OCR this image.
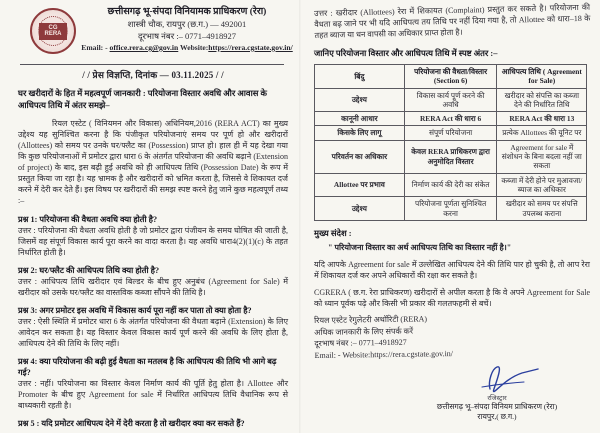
CG RERA
छत्तीसगढ़ भू-संपदा विनियामक प्राधिकरण (रेरा)
शास्त्री चौक, रायपुर (छ.ग.) — 492001
दूरभाष नंबर :– 0771–4918927
Email: - office.rera.cg@gov.in Website:https://rera.cgstate.gov.in/
/ / प्रेस विज्ञप्ति, दिनांक — 03.11.2025 / /
घर खरीदारों के हित में महत्वपूर्ण जानकारी : परियोजना विस्तार अवधि और आवास के आधिपत्य तिथि में अंतर समझे–
रियल एस्टेट ( विनियमन और विकास) अधिनियम,2016 (RERA ACT) का मुख्य उद्देश्य यह सुनिश्चित करना है कि पंजीकृत परियोजनाएं समय पर पूर्ण हो और खरीदारों (Allottees) को समय पर उनके घर/फ्लैट का (Possession) प्राप्त हो। हाल ही में यह देखा गया कि कुछ परियोजनाओं में प्रमोटर द्वारा धारा 6 के अंतर्गत परियोजना की अवधि बढ़ाने (Extension of project) के बाद, इस बढ़ी हुई अवधि को ही आधिपत्य तिथि (Possession Date) के रूप में प्रस्तुत किया जा रहा है। यह भ्रामक है और खरीदारों को भ्रमित करता है, जिससे वे शिकायत दर्ज करने में देरी कर देते हैं। इस विषय पर खरीदारों की समझ स्पष्ट करने हेतु जाने कुछ महत्वपूर्ण तथ्य :–
प्रश्न 1: परियोजना की वैधता अवधि क्या होती है?
उत्तर : परियोजना की वैधता अवधि होती है जो प्रमोटर द्वारा पंजीयन के समय घोषित की जाती है, जिसमें वह संपूर्ण विकास कार्य पूरा करने का वादा करता है। यह अवधि धारा4(2)(1)(c) के तहत निर्धारित होती है।
प्रश्न 2: घर/फ्लैट की आधिपत्य तिथि क्या होती है?
उत्तर : आधिपत्य तिथि खरीदार एवं बिल्डर के बीच हुए अनुबंध (Agreement for Sale) में खरीदार को उसके घर/फ्लैट का वास्तविक कब्जा सौंपने की तिथि है।
प्रश्न 3: अगर प्रमोटर इस अवधि में विकास कार्य पूरा नहीं कर पाता तो क्या होता है?
उत्तर : ऐसी स्थिति में प्रमोटर धारा 6 के अंतर्गत परियोजना की वैधता बढ़ाने (Extension) के लिए आवेदन कर सकता है। यह विस्तार केवल विकास कार्य पूर्ण करने की अवधि के लिए होता है, आधिपत्य देने की तिथि के लिए नहीं।
प्रश्न 4: क्या परियोजना की बढ़ी हुई वैधता का मतलब है कि आधिपत्य की तिथि भी आगे बढ़ गई?
उत्तर : नहीं। परियोजना का विस्तार केवल निर्माण कार्य की पूर्ति हेतु होता है। Allottee और Promoter के बीच हुए Agreement for sale में निर्धारित आधिपत्य तिथि वैधानिक रूप से बाध्यकारी रहती है।
प्रश्न 5 : यदि प्रमोटर आधिपत्य देने में देरी करता है तो खरीदार क्या कर सकते हैं?
उत्तर : खरीदार (Allottees) रेरा में शिकायत (Complaint) प्रस्तुत कर सकते है। परियोजना की वैधता बढ़ जाने पर भी यदि आधिपत्य तय तिथि पर नहीं दिया गया है, तो Allottee को धारा–18 के तहत ब्याज या धन वापसी का अधिकार प्राप्त होता है।
जानिए परियोजना विस्तार और आधिपत्य तिथि में स्पष्ट अंतर :–
बिंदु	परियोजना की वैधता/विस्तार (Section 6)	आधिपत्य तिथि ( Agreement for Sale)
उद्देश्य	विकास कार्य पूर्ण करने की अवधि	खरीदार को संपत्ति का कब्जा देने की निर्धारित तिथि
कानूनी आधार	RERA Act की धारा 6	RERA Act की धारा 13
किसके लिए लागू	संपूर्ण परियोजना	प्रत्येक Allottees की यूनिट पर
परिवर्तन का अधिकार	केवल RERA प्राधिकरण द्वारा अनुमोदित विस्तार	Agreement for sale में संशोधन के बिना बदला नहीं जा सकता
Allottee पर प्रभाव	निर्माण कार्य की देरी का संकेत	कब्जा में देरी होने पर मुआवजा/ ब्याज का अधिकार
उद्देश्य	परियोजना पूर्णता सुनिश्चित करना	खरीदार को समय पर संपत्ति उपलब्ध कराना
मुख्य संदेश :
" परियोजना विस्तार का अर्थ आधिपत्य तिथि का विस्तार नहीं है।"
यदि आपके Agreement for sale में उल्लेखित आधिपत्य देने की तिथि पार हो चुकी है, तो आप रेरा में शिकायत दर्ज कर अपने अधिकारों की रक्षा कर सकते है।
CGRERA ( छ.ग. रेरा प्राधिकरण) खरीदारों से अपील करता है कि वे अपने Agreement for Sale को ध्यान पूर्वक पढ़े और किसी भी प्रकार की गलतफहमी से बचें।
रियल एस्टेट रेगुलेटरी अथॉरिटी (RERA)
अधिक जानकारी के लिए संपर्क करें
दूरभाष नंबर :– 0771–4918927
Email: - Website:https://rera.cgstate.gov.in/
रजिस्ट्रार
छत्तीसगढ़ भू–संपदा विनियम प्राधिकरण (रेरा)
रायपुर,( छ.ग.)
